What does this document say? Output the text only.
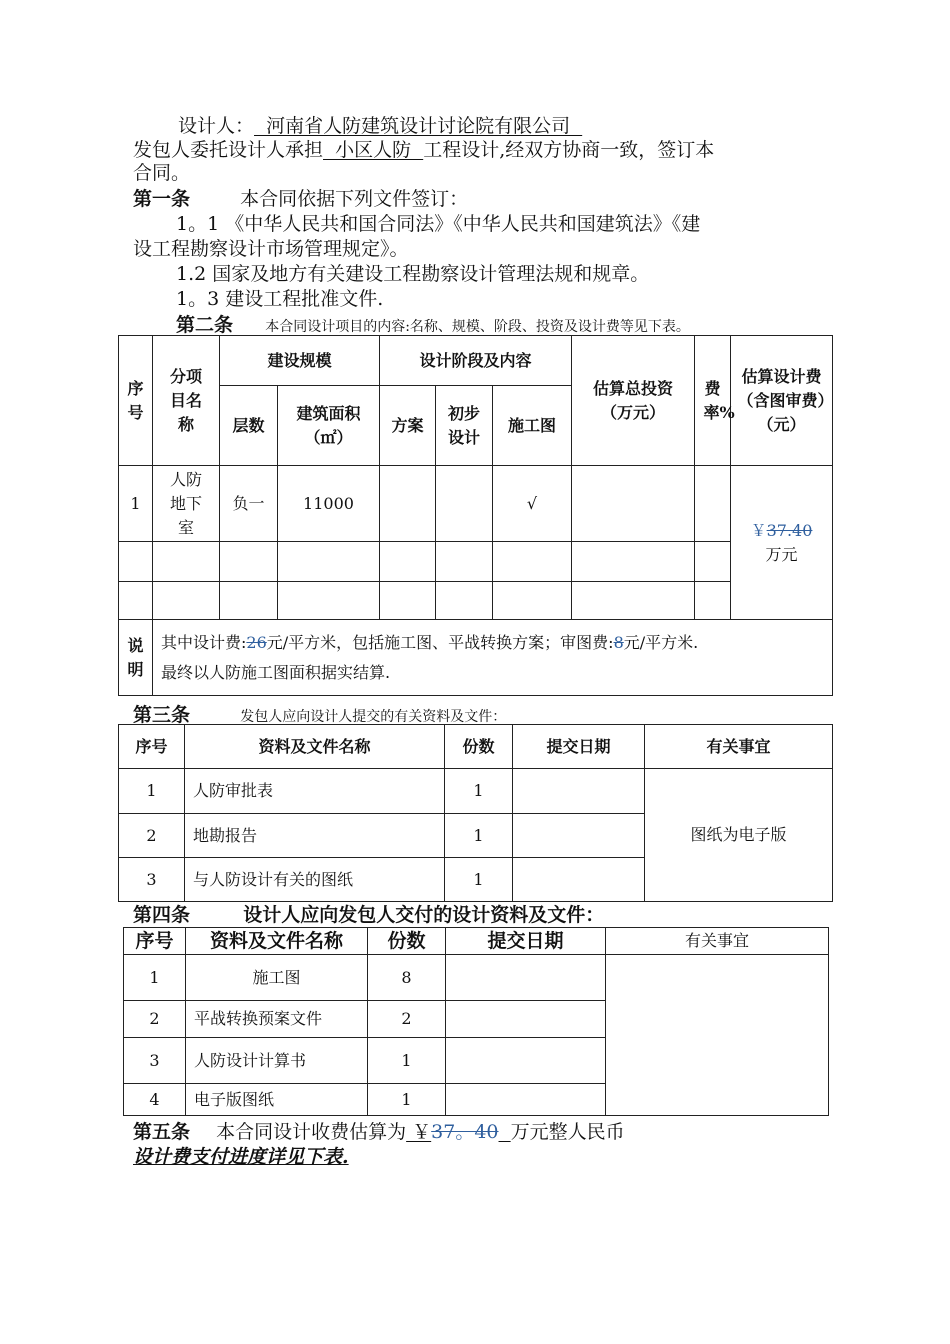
设计人：  河南省人防建筑设计讨论院有限公司
发包人委托设计人承担  小区人防  工程设计,经双方协商一致，签订本
合同。
第一条	本合同依据下列文件签订：
1。1 《中华人民共和国合同法》《中华人民共和国建筑法》《建
设工程勘察设计市场管理规定》。
1.2 国家及地方有关建设工程勘察设计管理法规和规章。
1。3 建设工程批准文件.
第二条 本合同设计项目的内容:名称、规模、阶段、投资及设计费等见下表。
序号	分项目名称	建设规模		设计阶段及内容			估算总投资（万元）	费率%	估算设计费（含图审费）（元）

		层数	建筑面积（㎡）	方案	初步设计	施工图			
1	人防地下室	负一	11000			√			￥37.40
万元

说明	其中设计费:26元/平方米，包括施工图、平战转换方案；审图费:8元/平方米.
最终以人防施工图面积据实结算.								
第三条	发包人应向设计人提交的有关资料及文件：
序号	资料及文件名称	份数	提交日期	有关事宜
1	人防审批表	1		图纸为电子版
2	地勘报告	1		
3	与人防设计有关的图纸	1		
第四条	设计人应向发包人交付的设计资料及文件：
序号	资料及文件名称	份数	提交日期	有关事宜
1	施工图	8		
2	平战转换预案文件	2		
3	人防设计计算书	1		
4	电子版图纸	1		
第五条 本合同设计收费估算为 ￥37。40 万元整人民币
设计费支付进度详见下表.
